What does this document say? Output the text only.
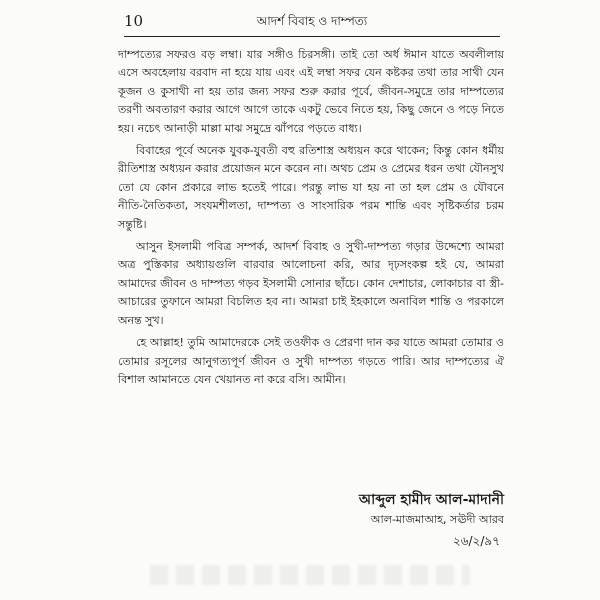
10	আদর্শ বিবাহ ও দাম্পত্য

দাম্পত্যের সফরও বড় লম্বা। যার সঙ্গীও চিরসঙ্গী। তাই তো অর্ধ ঈমান যাতে অবলীলায় এসে অবহেলায় বরবাদ না হয়ে যায় এবং এই লম্বা সফর যেন কষ্টকর তথা তার সাথী যেন কূজন ও কুসাথী না হয় তার জন্য সফর শুরু করার পূর্বে, জীবন-সমুদ্রে তার দাম্পত্যের তরণী অবতারণ করার আগে আগে তাকে একটু ভেবে নিতে হয়, কিছু জেনে ও পড়ে নিতে হয়। নচেৎ আনাড়ী মাল্লা মাঝ সমুদ্রে ঝাঁপরে পড়তে বাধ্য।

বিবাহের পূর্বে অনেক যুবক-যুবতী বহু রতিশাস্ত্র অধ্যয়ন করে থাকেন; কিন্তু কোন ধর্মীয় রীতিশাস্ত্র অধ্যয়ন করার প্রয়োজন মনে করেন না। অথচ প্রেম ও প্রেমের ধরন তথা যৌনসুখ তো যে কোন প্রকারে লাভ হতেই পারে। পরন্তু লাভ যা হয় না তা হল প্রেম ও যৌবনে নীতি-নৈতিকতা, সংযমশীলতা, দাম্পত্য ও সাংসারিক পরম শান্তি এবং সৃষ্টিকর্তার চরম সন্তুষ্টি।

আসুন ইসলামী পবিত্র সম্পর্ক, আদর্শ বিবাহ ও সুখী-দাম্পত্য গড়ার উদ্দেশ্যে আমরা অত্র পুস্তিকার অধ্যায়গুলি বারবার আলোচনা করি, আর দৃঢ়সংকল্প হই যে, আমরা আমাদের জীবন ও দাম্পত্য গড়ব ইসলামী সোনার ছাঁচে। কোন দেশাচার, লোকাচার বা স্ত্রী-আচারের তুফানে আমরা বিচলিত হব না। আমরা চাই ইহকালে অনাবিল শান্তি ও পরকালে অনন্ত সুখ।

হে আল্লাহ! তুমি আমাদেরকে সেই তওফীক ও প্রেরণা দান কর যাতে আমরা তোমার ও তোমার রসূলের আনুগত্যপূর্ণ জীবন ও সুখী দাম্পত্য গড়তে পারি। আর দাম্পত্যের ঐ বিশাল আমানতে যেন খেয়ানত না করে বসি। আমীন।

আব্দুল হামীদ আল-মাদানী
আল-মাজমাআহ, সঊদী আরব
২৬/২/৯৭
